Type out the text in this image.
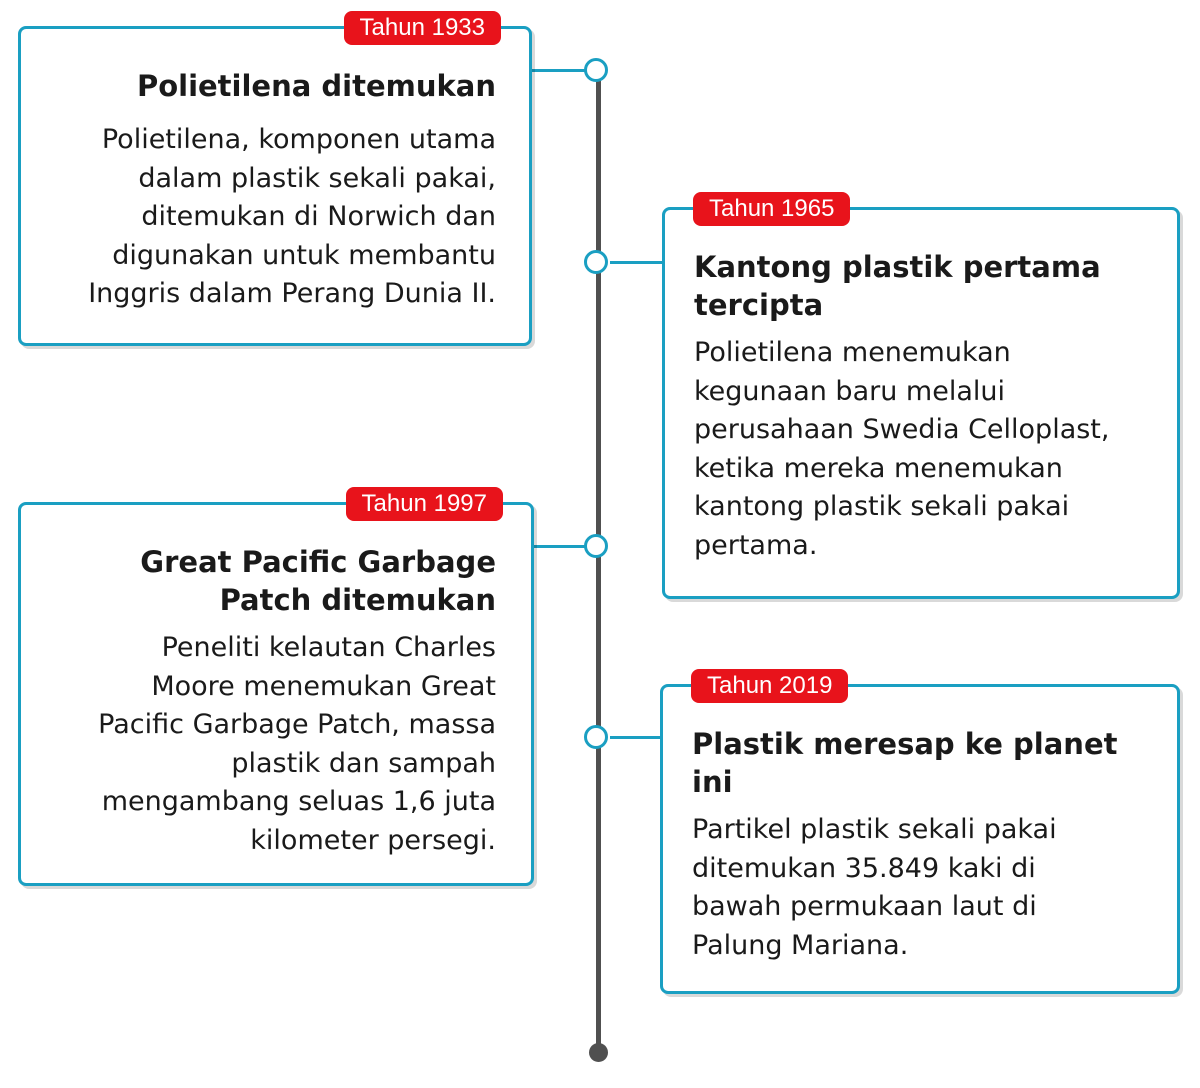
Tahun 1933

Polietilena ditemukan

Polietilena, komponen utama
dalam plastik sekali pakai,
ditemukan di Norwich dan
digunakan untuk membantu
Inggris dalam Perang Dunia II.

Tahun 1965

Kantong plastik pertama
tercipta

Polietilena menemukan
kegunaan baru melalui
perusahaan Swedia Celloplast,
ketika mereka menemukan
kantong plastik sekali pakai
pertama.

Tahun 1997

Great Pacific Garbage
Patch ditemukan

Peneliti kelautan Charles
Moore menemukan Great
Pacific Garbage Patch, massa
plastik dan sampah
mengambang seluas 1,6 juta
kilometer persegi.

Tahun 2019

Plastik meresap ke planet
ini

Partikel plastik sekali pakai
ditemukan 35.849 kaki di
bawah permukaan laut di
Palung Mariana.
